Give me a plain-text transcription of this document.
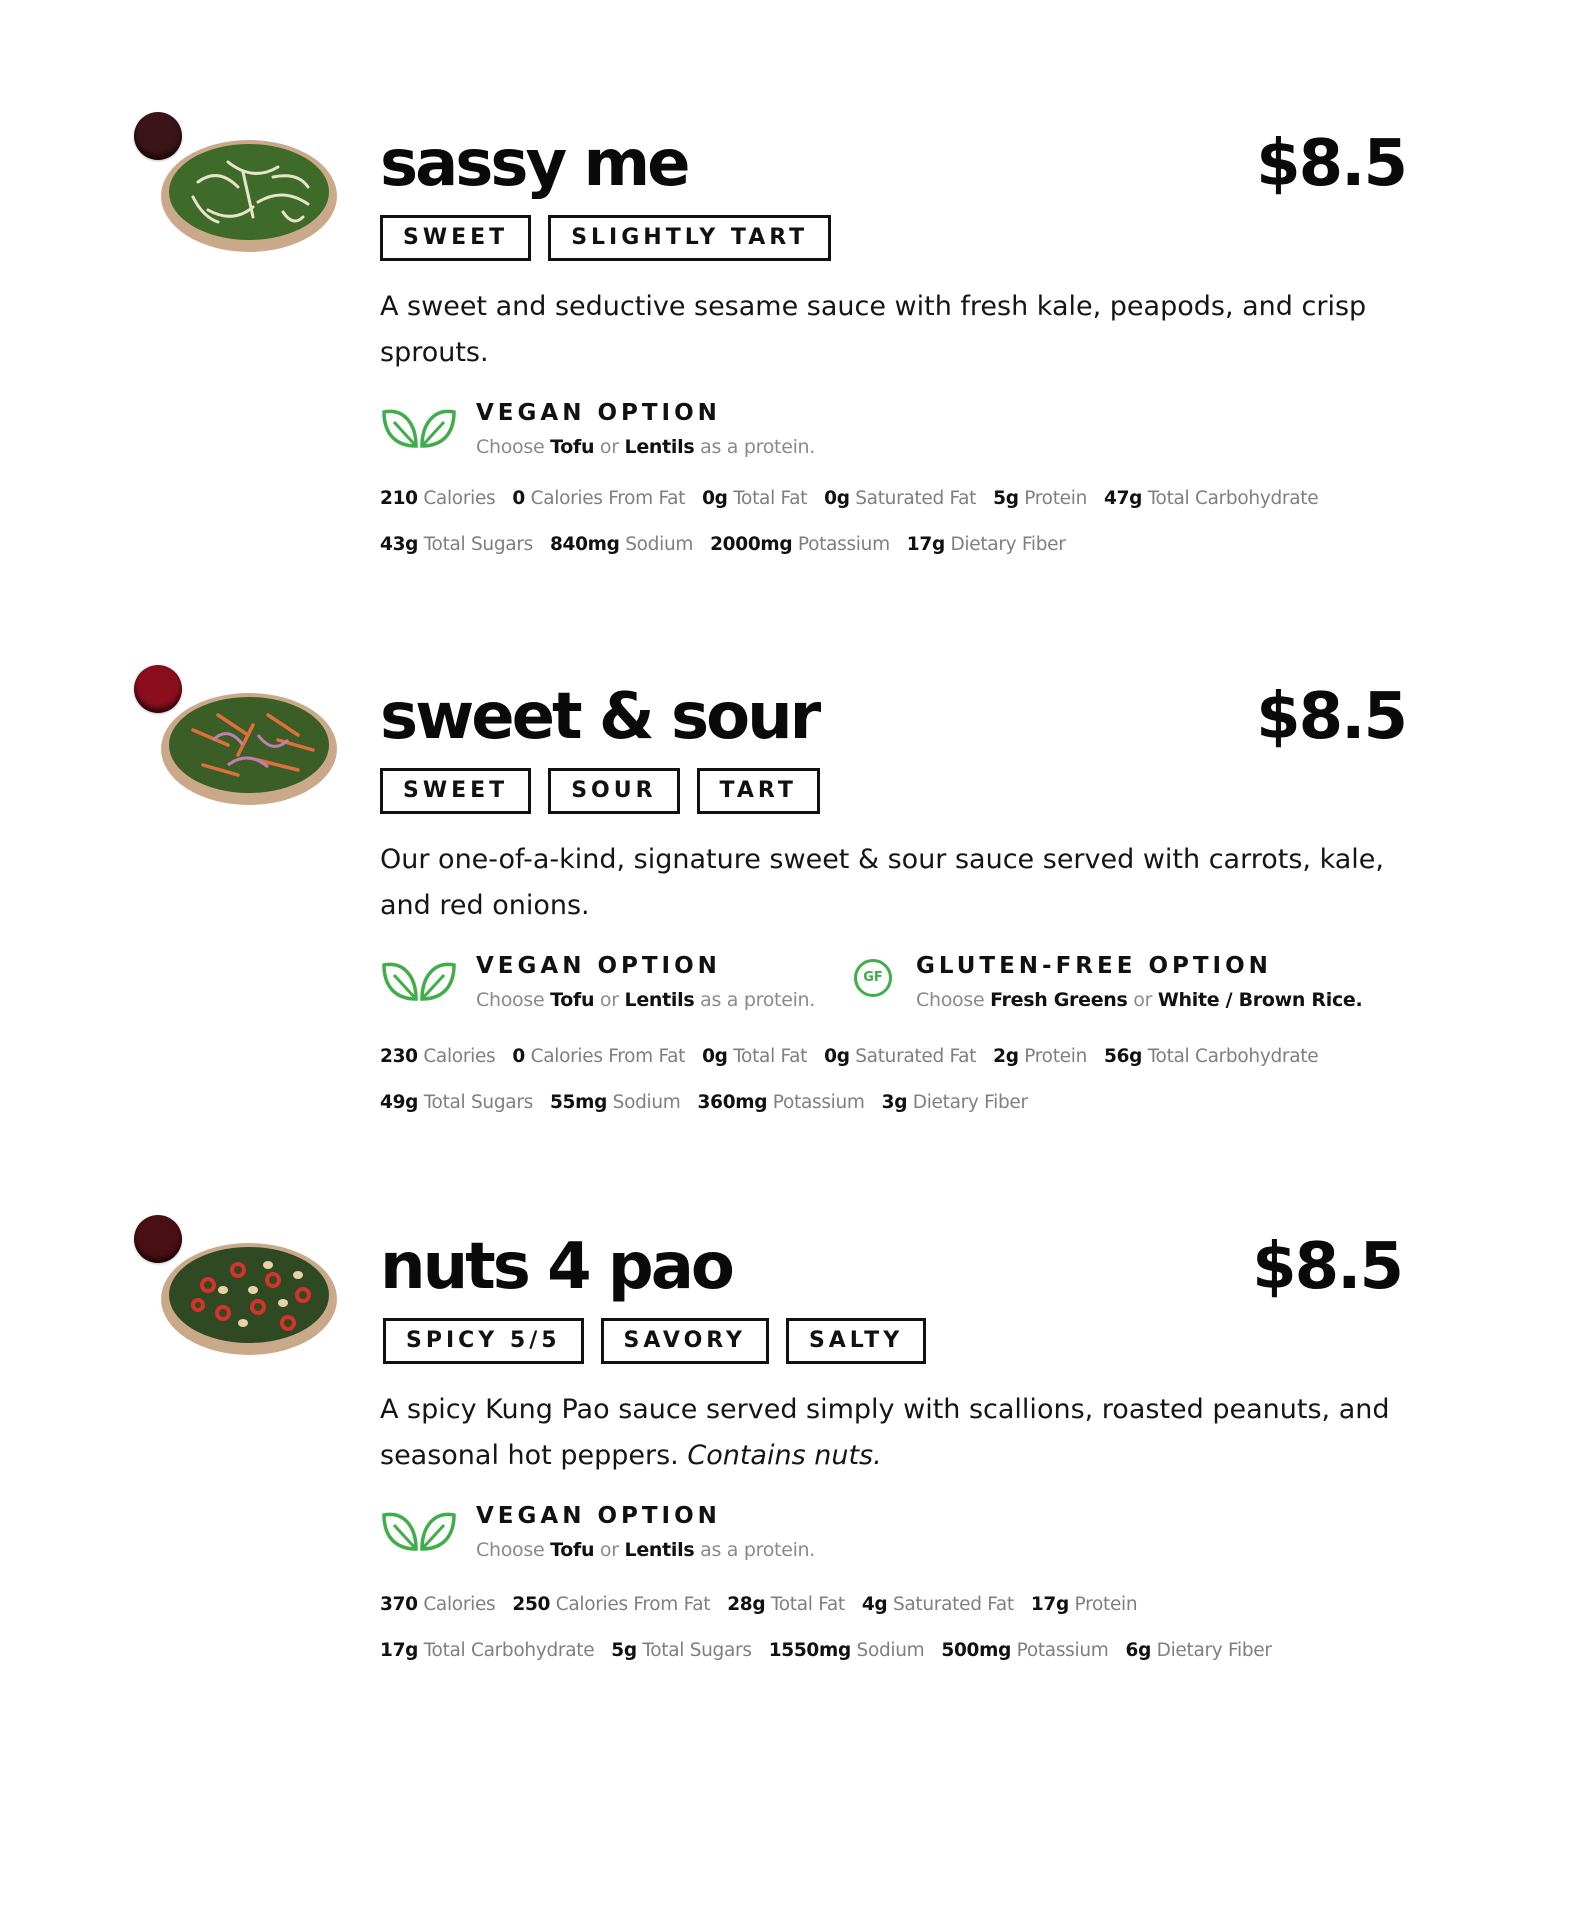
sassy me	$8.5
SWEET	SLIGHTLY TART

A sweet and seductive sesame sauce with fresh kale, peapods, and crisp sprouts.

VEGAN OPTION
Choose Tofu or Lentils as a protein.
210 Calories 0 Calories From Fat 0g Total Fat 0g Saturated Fat 5g Protein 47g Total Carbohydrate
43g Total Sugars 840mg Sodium 2000mg Potassium 17g Dietary Fiber
sweet & sour	$8.5
SWEET	SOUR	TART

Our one-of-a-kind, signature sweet & sour sauce served with carrots, kale, and red onions.

VEGAN OPTION
Choose Tofu or Lentils as a protein.
GF	GLUTEN-FREE OPTION
Choose Fresh Greens or White / Brown Rice.
230 Calories 0 Calories From Fat 0g Total Fat 0g Saturated Fat 2g Protein 56g Total Carbohydrate
49g Total Sugars 55mg Sodium 360mg Potassium 3g Dietary Fiber
nuts 4 pao	$8.5
SPICY 5/5	SAVORY	SALTY

A spicy Kung Pao sauce served simply with scallions, roasted peanuts, and seasonal hot peppers. Contains nuts.

VEGAN OPTION
Choose Tofu or Lentils as a protein.
370 Calories 250 Calories From Fat 28g Total Fat 4g Saturated Fat 17g Protein
17g Total Carbohydrate 5g Total Sugars 1550mg Sodium 500mg Potassium 6g Dietary Fiber
